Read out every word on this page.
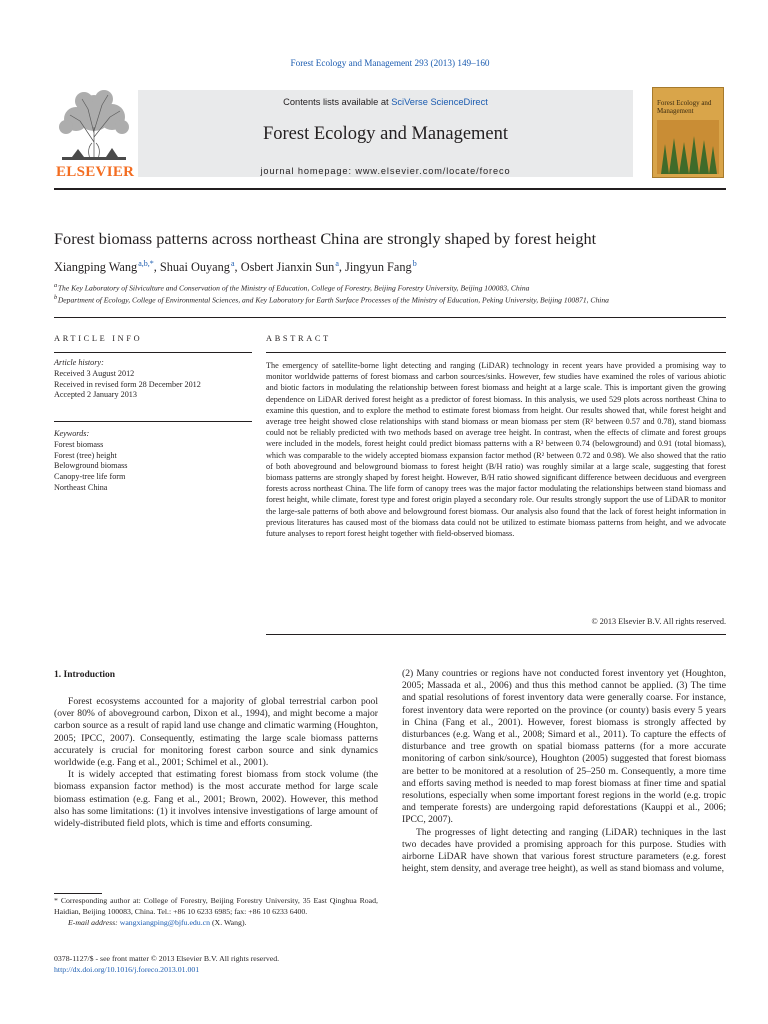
Forest Ecology and Management 293 (2013) 149–160
ELSEVIER
Contents lists available at SciVerse ScienceDirect
Forest Ecology and Management
journal homepage: www.elsevier.com/locate/foreco
Forest Ecology and Management
Forest biomass patterns across northeast China are strongly shaped by forest height
Xiangping Wang $^{a,b,*}$, Shuai Ouyang $^a$, Osbert Jianxin Sun $^a$, Jingyun Fang $^b$
$^a$ The Key Laboratory of Silviculture and Conservation of the Ministry of Education, College of Forestry, Beijing Forestry University, Beijing 100083, China
$^b$ Department of Ecology, College of Environmental Sciences, and Key Laboratory for Earth Surface Processes of the Ministry of Education, Peking University, Beijing 100871, China
ARTICLE INFO	ABSTRACT
Article history:
Received 3 August 2012
Received in revised form 28 December 2012
Accepted 2 January 2013
Keywords:
Forest biomass
Forest (tree) height
Belowground biomass
Canopy-tree life form
Northeast China

The emergency of satellite-borne light detecting and ranging (LiDAR) technology in recent years have provided a promising way to monitor worldwide patterns of forest biomass and carbon sources/sinks. However, few studies have examined the roles of various abiotic and biotic factors in modulating the relationship between forest biomass and height at a large scale. This is important given the growing dependence on LiDAR derived forest height as a predictor of forest biomass. In this analysis, we used 529 plots across northeast China to examine this question, and to explore the method to estimate forest biomass from height. Our results showed that, while forest height and average tree height showed close relationships with stand biomass or mean biomass per stem (R² between 0.57 and 0.78), stand biomass could not be reliably predicted with two methods based on average tree height. In contrast, when the effects of climate and forest groups were included in the models, forest height could predict biomass patterns with a R² between 0.74 (belowground) and 0.91 (total biomass), which was comparable to the widely accepted biomass expansion factor method (R² between 0.72 and 0.98). We also showed that the ratio of both aboveground and belowground biomass to forest height (B/H ratio) was roughly similar at a large scale, suggesting that forest biomass patterns are strongly shaped by forest height. However, B/H ratio showed significant difference between deciduous and evergreen forests across northeast China. The life form of canopy trees was the major factor modulating the relationships between stand biomass and forest height, while climate, forest type and forest origin played a secondary role. Our results strongly support the use of LiDAR to monitor the large-sale patterns of both above and belowground forest biomass. Our analysis also found that the lack of forest height information in previous literatures has caused most of the biomass data could not be utilized to estimate biomass patterns from height, and we advocate future analyses to report forest height together with field-observed biomass.

© 2013 Elsevier B.V. All rights reserved.
1. Introduction

Forest ecosystems accounted for a majority of global terrestrial carbon pool (over 80% of aboveground carbon, Dixon et al., 1994), and might become a major carbon source as a result of rapid land use change and climatic warming (Houghton, 2005; IPCC, 2007). Consequently, estimating the large scale biomass patterns accurately is crucial for monitoring forest carbon source and sink dynamics worldwide (e.g. Fang et al., 2001; Schimel et al., 2001).

It is widely accepted that estimating forest biomass from stock volume (the biomass expansion factor method) is the most accurate method for large scale biomass estimation (e.g. Fang et al., 2001; Brown, 2002). However, this method also has some limitations: (1) it involves intensive investigations of large amount of widely-distributed field plots, which is time and efforts consuming.

(2) Many countries or regions have not conducted forest inventory yet (Houghton, 2005; Massada et al., 2006) and thus this method cannot be applied. (3) The time and spatial resolutions of forest inventory data were generally coarse. For instance, forest inventory data were reported on the province (or county) basis every 5 years in China (Fang et al., 2001). However, forest biomass is strongly affected by disturbances (e.g. Wang et al., 2008; Simard et al., 2011). To capture the effects of disturbance and tree growth on spatial biomass patterns (for a more accurate monitoring of carbon sink/source), Houghton (2005) suggested that forest biomass are better to be monitored at a resolution of 25–250 m. Consequently, a more time and efforts saving method is needed to map forest biomass at finer time and spatial resolutions, especially when some important forest regions in the world (e.g. tropic and temperate forests) are undergoing rapid deforestations (Kauppi et al., 2006; IPCC, 2007).

The progresses of light detecting and ranging (LiDAR) techniques in the last two decades have provided a promising approach for this purpose. Studies with airborne LiDAR have shown that various forest structure parameters (e.g. forest height, stem density, and average tree height), as well as stand biomass and volume,

* Corresponding author at: College of Forestry, Beijing Forestry University, 35 East Qinghua Road, Haidian, Beijing 100083, China. Tel.: +86 10 6233 6985; fax: +86 10 6233 6400.
E-mail address: wangxiangping@bjfu.edu.cn (X. Wang).
0378-1127/$ - see front matter © 2013 Elsevier B.V. All rights reserved.
http://dx.doi.org/10.1016/j.foreco.2013.01.001
